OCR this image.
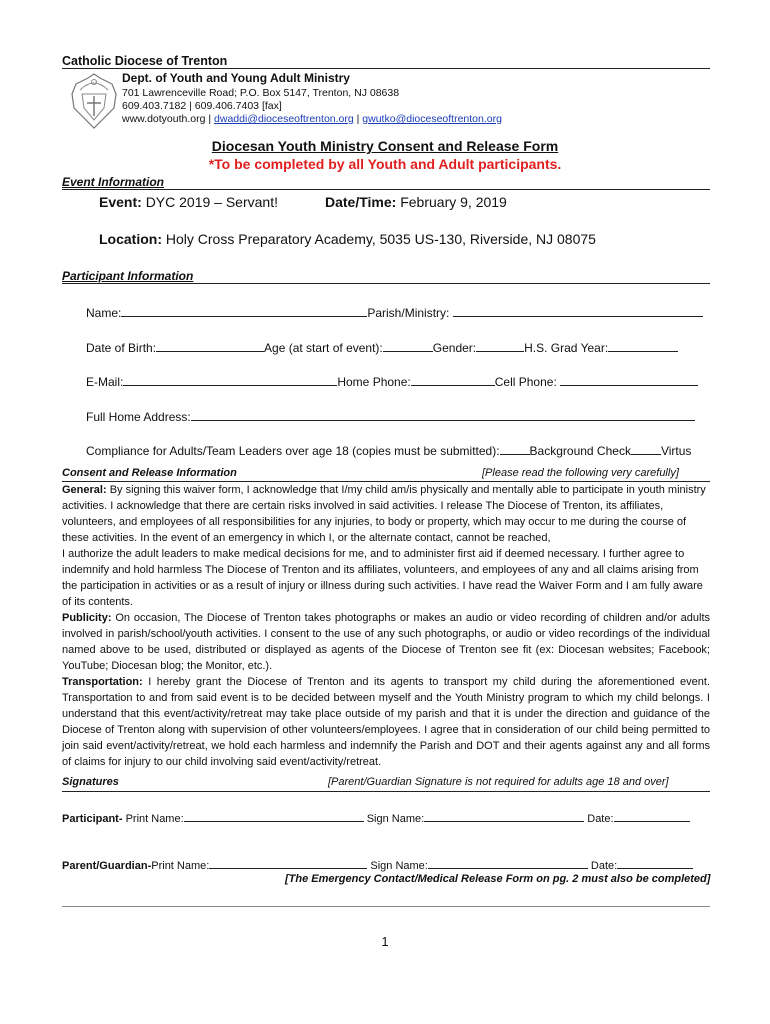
Catholic Diocese of Trenton
Dept. of Youth and Young Adult Ministry
701 Lawrenceville Road; P.O. Box 5147, Trenton, NJ 08638
609.403.7182 | 609.406.7403 [fax]
www.dotyouth.org | dwaddi@dioceseoftrenton.org | gwutko@dioceseoftrenton.org
Diocesan Youth Ministry Consent and Release Form
*To be completed by all Youth and Adult participants.
Event Information
Event: DYC 2019 – Servant!	Date/Time: February 9, 2019
Location: Holy Cross Preparatory Academy, 5035 US-130, Riverside, NJ 08075
Participant Information
Name:	Parish/Ministry:
Date of Birth:	Age (at start of event):	Gender:	H.S. Grad Year:
E-Mail:	Home Phone:	Cell Phone:
Full Home Address:
Compliance for Adults/Team Leaders over age 18 (copies must be submitted):	Background Check	Virtus
Consent and Release Information	[Please read the following very carefully]

General: By signing this waiver form, I acknowledge that I/my child am/is physically and mentally able to participate in youth ministry activities. I acknowledge that there are certain risks involved in said activities. I release The Diocese of Trenton, its affiliates, volunteers, and employees of all responsibilities for any injuries, to body or property, which may occur to me during the course of these activities. In the event of an emergency in which I, or the alternate contact, cannot be reached,

I authorize the adult leaders to make medical decisions for me, and to administer first aid if deemed necessary. I further agree to indemnify and hold harmless The Diocese of Trenton and its affiliates, volunteers, and employees of any and all claims arising from the participation in activities or as a result of injury or illness during such activities. I have read the Waiver Form and I am fully aware of its contents.

Publicity: On occasion, The Diocese of Trenton takes photographs or makes an audio or video recording of children and/or adults involved in parish/school/youth activities. I consent to the use of any such photographs, or audio or video recordings of the individual named above to be used, distributed or displayed as agents of the Diocese of Trenton see fit (ex: Diocesan websites; Facebook; YouTube; Diocesan blog; the Monitor, etc.).

Transportation: I hereby grant the Diocese of Trenton and its agents to transport my child during the aforementioned event. Transportation to and from said event is to be decided between myself and the Youth Ministry program to which my child belongs. I understand that this event/activity/retreat may take place outside of my parish and that it is under the direction and guidance of the Diocese of Trenton along with supervision of other volunteers/employees. I agree that in consideration of our child being permitted to join said event/activity/retreat, we hold each harmless and indemnify the Parish and DOT and their agents against any and all forms of claims for injury to our child involving said event/activity/retreat.

Signatures	[Parent/Guardian Signature is not required for adults age 18 and over]
Participant- Print Name:	Sign Name:	Date:
Parent/Guardian-Print Name:	Sign Name:	Date:
[The Emergency Contact/Medical Release Form on pg. 2 must also be completed]
1
